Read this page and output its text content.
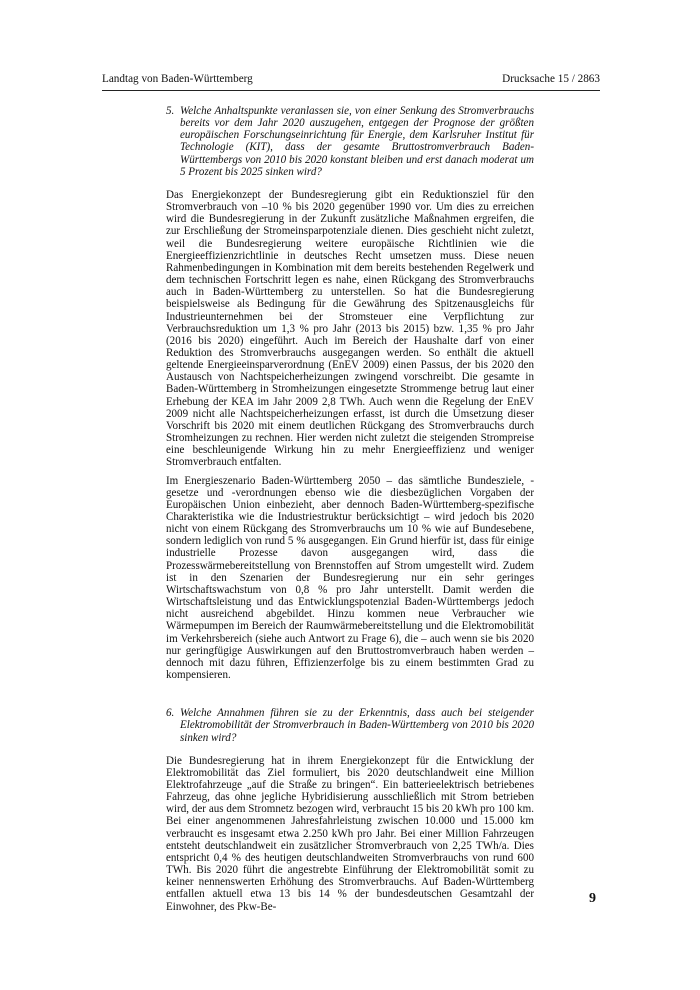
Landtag von Baden-Württemberg	Drucksache 15 / 2863
5. Welche Anhaltspunkte veranlassen sie, von einer Senkung des Stromverbrauchs bereits vor dem Jahr 2020 auszugehen, entgegen der Prognose der größten europäischen Forschungseinrichtung für Energie, dem Karlsruher Institut für Technologie (KIT), dass der gesamte Bruttostromverbrauch Baden-Württembergs von 2010 bis 2020 konstant bleiben und erst danach moderat um 5 Prozent bis 2025 sinken wird?

Das Energiekonzept der Bundesregierung gibt ein Reduktionsziel für den Stromverbrauch von –10 % bis 2020 gegenüber 1990 vor. Um dies zu erreichen wird die Bundesregierung in der Zukunft zusätzliche Maßnahmen ergreifen, die zur Erschließung der Stromeinsparpotenziale dienen. Dies geschieht nicht zuletzt, weil die Bundesregierung weitere europäische Richtlinien wie die Energieeffizienzrichtlinie in deutsches Recht umsetzen muss. Diese neuen Rahmenbedingungen in Kombination mit dem bereits bestehenden Regelwerk und dem technischen Fortschritt legen es nahe, einen Rückgang des Stromverbrauchs auch in Baden-Württemberg zu unterstellen. So hat die Bundesregierung beispielsweise als Bedingung für die Gewährung des Spitzenausgleichs für Industrieunternehmen bei der Stromsteuer eine Verpflichtung zur Verbrauchsreduktion um 1,3 % pro Jahr (2013 bis 2015) bzw. 1,35 % pro Jahr (2016 bis 2020) eingeführt. Auch im Bereich der Haushalte darf von einer Reduktion des Stromverbrauchs ausgegangen werden. So enthält die aktuell geltende Energieeinsparverordnung (EnEV 2009) einen Passus, der bis 2020 den Austausch von Nachtspeicherheizungen zwingend vorschreibt. Die gesamte in Baden-Württemberg in Stromheizungen eingesetzte Strommenge betrug laut einer Erhebung der KEA im Jahr 2009 2,8 TWh. Auch wenn die Regelung der EnEV 2009 nicht alle Nachtspeicherheizungen erfasst, ist durch die Umsetzung dieser Vorschrift bis 2020 mit einem deutlichen Rückgang des Stromverbrauchs durch Stromheizungen zu rechnen. Hier werden nicht zuletzt die steigenden Strompreise eine beschleunigende Wirkung hin zu mehr Energieeffizienz und weniger Stromverbrauch entfalten.

Im Energieszenario Baden-Württemberg 2050 – das sämtliche Bundesziele, -gesetze und -verordnungen ebenso wie die diesbezüglichen Vorgaben der Europäischen Union einbezieht, aber dennoch Baden-Württemberg-spezifische Charakteristika wie die Industriestruktur berücksichtigt – wird jedoch bis 2020 nicht von einem Rückgang des Stromverbrauchs um 10 % wie auf Bundesebene, sondern lediglich von rund 5 % ausgegangen. Ein Grund hierfür ist, dass für einige industrielle Prozesse davon ausgegangen wird, dass die Prozesswärmebereitstellung von Brennstoffen auf Strom umgestellt wird. Zudem ist in den Szenarien der Bundesregierung nur ein sehr geringes Wirtschaftswachstum von 0,8 % pro Jahr unterstellt. Damit werden die Wirtschaftsleistung und das Entwicklungspotenzial Baden-Württembergs jedoch nicht ausreichend abgebildet. Hinzu kommen neue Verbraucher wie Wärmepumpen im Bereich der Raumwärmebereitstellung und die Elektromobilität im Verkehrsbereich (siehe auch Antwort zu Frage 6), die – auch wenn sie bis 2020 nur geringfügige Auswirkungen auf den Bruttostromverbrauch haben werden – dennoch mit dazu führen, Effizienzerfolge bis zu einem bestimmten Grad zu kompensieren.

6. Welche Annahmen führen sie zu der Erkenntnis, dass auch bei steigender Elektromobilität der Stromverbrauch in Baden-Württemberg von 2010 bis 2020 sinken wird?

Die Bundesregierung hat in ihrem Energiekonzept für die Entwicklung der Elektromobilität das Ziel formuliert, bis 2020 deutschlandweit eine Million Elektrofahrzeuge „auf die Straße zu bringen“. Ein batterieelektrisch betriebenes Fahrzeug, das ohne jegliche Hybridisierung ausschließlich mit Strom betrieben wird, der aus dem Stromnetz bezogen wird, verbraucht 15 bis 20 kWh pro 100 km. Bei einer angenommenen Jahresfahrleistung zwischen 10.000 und 15.000 km verbraucht es insgesamt etwa 2.250 kWh pro Jahr. Bei einer Million Fahrzeugen entsteht deutschlandweit ein zusätzlicher Stromverbrauch von 2,25 TWh/a. Dies entspricht 0,4 % des heutigen deutschlandweiten Stromverbrauchs von rund 600 TWh. Bis 2020 führt die angestrebte Einführung der Elektromobilität somit zu keiner nennenswerten Erhöhung des Stromverbrauchs. Auf Baden-Württemberg entfallen aktuell etwa 13 bis 14 % der bundesdeutschen Gesamtzahl der Einwohner, des Pkw-Be-

9
